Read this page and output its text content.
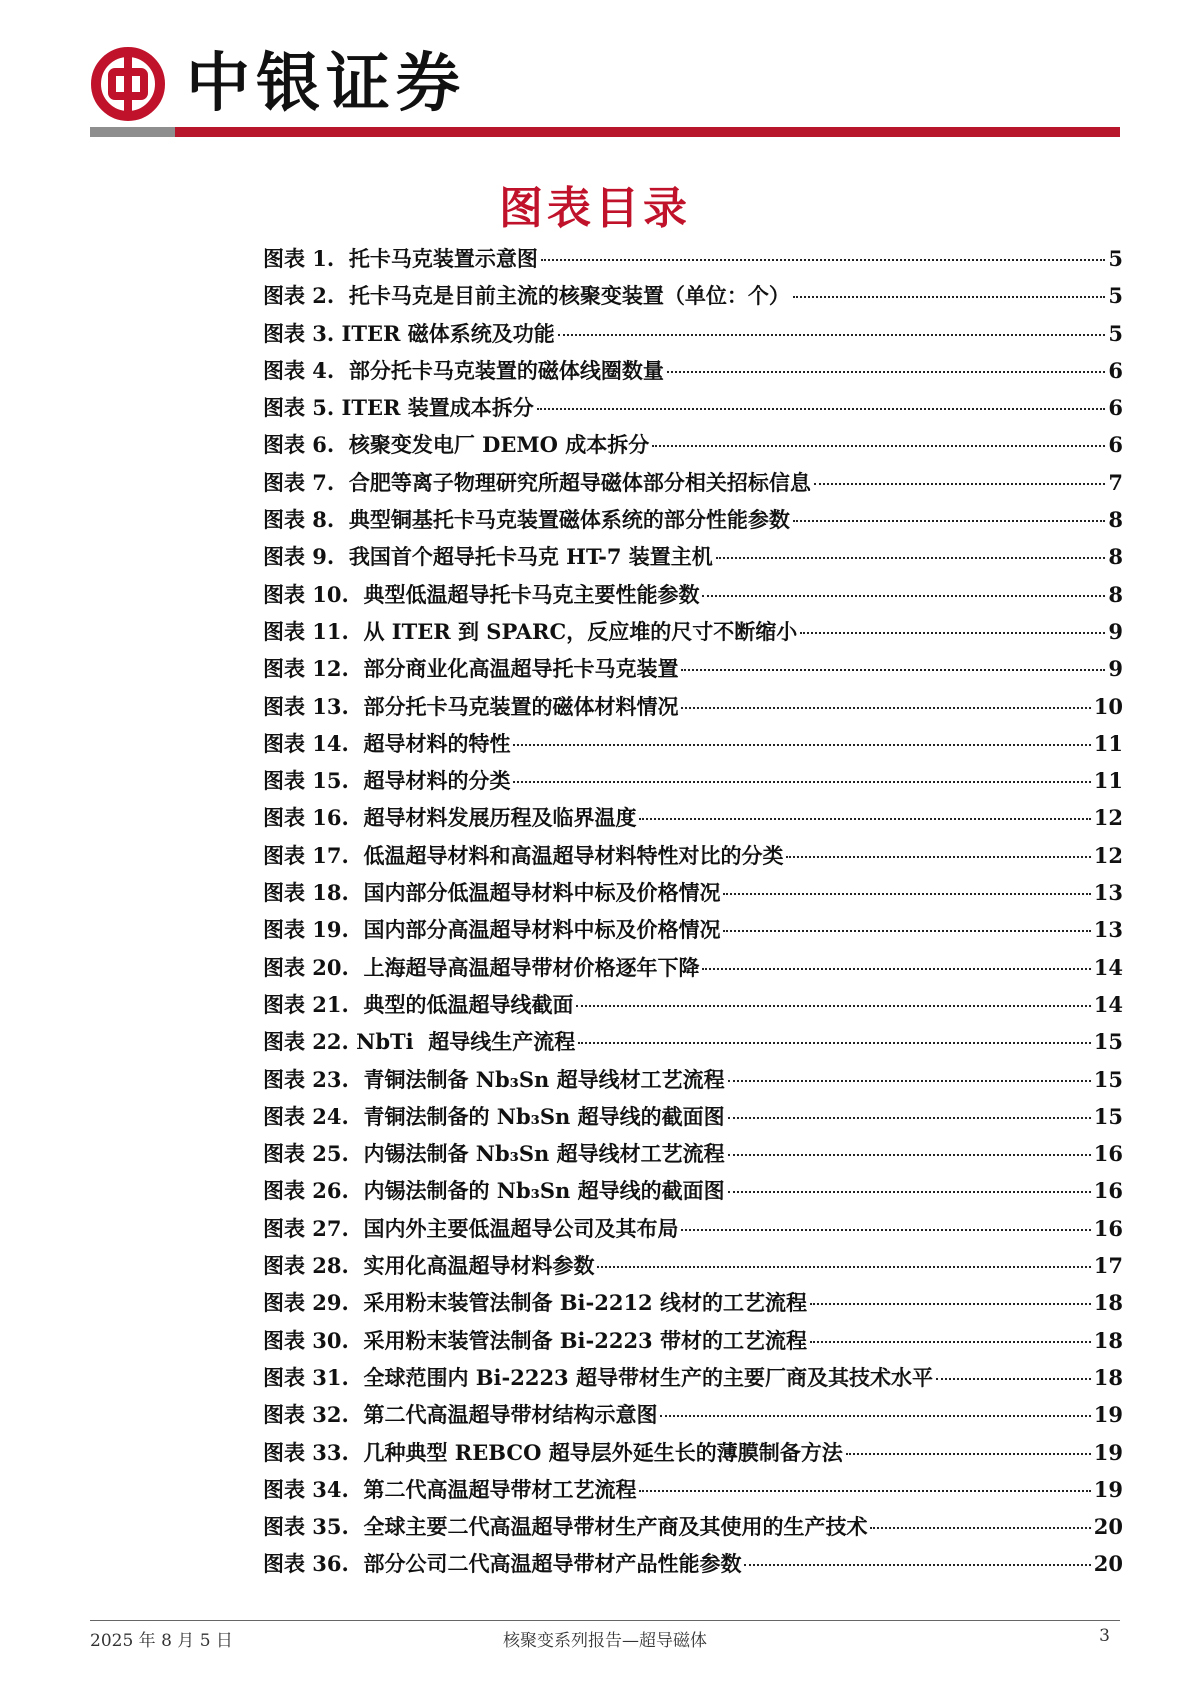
中银证券
图表目录
图表 1.  托卡马克装置示意图	5
图表 2.  托卡马克是目前主流的核聚变装置（单位：个）	5
图表 3. ITER 磁体系统及功能	5
图表 4.  部分托卡马克装置的磁体线圈数量	6
图表 5. ITER 装置成本拆分	6
图表 6.  核聚变发电厂 DEMO 成本拆分	6
图表 7.  合肥等离子物理研究所超导磁体部分相关招标信息	7
图表 8.  典型铜基托卡马克装置磁体系统的部分性能参数	8
图表 9.  我国首个超导托卡马克 HT-7 装置主机	8
图表 10.  典型低温超导托卡马克主要性能参数	8
图表 11.  从 ITER 到 SPARC，反应堆的尺寸不断缩小	9
图表 12.  部分商业化高温超导托卡马克装置	9
图表 13.  部分托卡马克装置的磁体材料情况	10
图表 14.  超导材料的特性	11
图表 15.  超导材料的分类	11
图表 16.  超导材料发展历程及临界温度	12
图表 17.  低温超导材料和高温超导材料特性对比的分类	12
图表 18.  国内部分低温超导材料中标及价格情况	13
图表 19.  国内部分高温超导材料中标及价格情况	13
图表 20.  上海超导高温超导带材价格逐年下降	14
图表 21.  典型的低温超导线截面	14
图表 22. NbTi  超导线生产流程	15
图表 23.  青铜法制备 Nb₃Sn 超导线材工艺流程	15
图表 24.  青铜法制备的 Nb₃Sn 超导线的截面图	15
图表 25.  内锡法制备 Nb₃Sn 超导线材工艺流程	16
图表 26.  内锡法制备的 Nb₃Sn 超导线的截面图	16
图表 27.  国内外主要低温超导公司及其布局	16
图表 28.  实用化高温超导材料参数	17
图表 29.  采用粉末装管法制备 Bi-2212 线材的工艺流程	18
图表 30.  采用粉末装管法制备 Bi-2223 带材的工艺流程	18
图表 31.  全球范围内 Bi-2223 超导带材生产的主要厂商及其技术水平	18
图表 32.  第二代高温超导带材结构示意图	19
图表 33.  几种典型 REBCO 超导层外延生长的薄膜制备方法	19
图表 34.  第二代高温超导带材工艺流程	19
图表 35.  全球主要二代高温超导带材生产商及其使用的生产技术	20
图表 36.  部分公司二代高温超导带材产品性能参数	20
2025 年 8 月 5 日	核聚变系列报告—超导磁体	3
